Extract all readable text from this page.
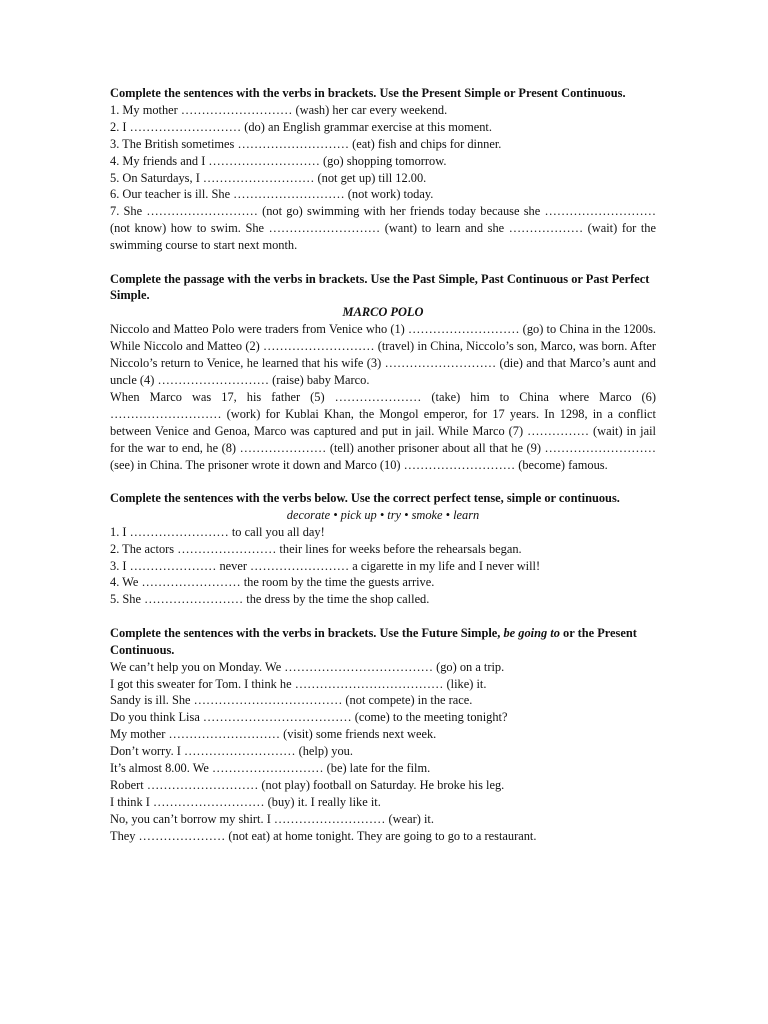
Complete the sentences with the verbs in brackets. Use the Present Simple or Present Continuous.
1. My mother ……………………… (wash) her car every weekend.
2. I ……………………… (do) an English grammar exercise at this moment.
3. The British sometimes ……………………… (eat) fish and chips for dinner.
4. My friends and I ……………………… (go) shopping tomorrow.
5. On Saturdays, I ……………………… (not get up) till 12.00.
6. Our teacher is ill. She ……………………… (not work) today.
7. She ……………………… (not go) swimming with her friends today because she ……………………… (not know) how to swim. She ……………………… (want) to learn and she ……………… (wait) for the swimming course to start next month.
Complete the passage with the verbs in brackets. Use the Past Simple, Past Continuous or Past Perfect Simple.
MARCO POLO
Niccolo and Matteo Polo were traders from Venice who (1) ……………………… (go) to China in the 1200s. While Niccolo and Matteo (2) ……………………… (travel) in China, Niccolo’s son, Marco, was born. After Niccolo’s return to Venice, he learned that his wife (3) ……………………… (die) and that Marco’s aunt and uncle (4) ……………………… (raise) baby Marco.
When Marco was 17, his father (5) ………………… (take) him to China where Marco (6) ……………………… (work) for Kublai Khan, the Mongol emperor, for 17 years. In 1298, in a conflict between Venice and Genoa, Marco was captured and put in jail. While Marco (7) …………… (wait) in jail for the war to end, he (8) ………………… (tell) another prisoner about all that he (9) ……………………… (see) in China. The prisoner wrote it down and Marco (10) ……………………… (become) famous.
Complete the sentences with the verbs below. Use the correct perfect tense, simple or continuous.
decorate • pick up • try • smoke • learn
1. I …………………… to call you all day!
2. The actors …………………… their lines for weeks before the rehearsals began.
3. I ………………… never …………………… a cigarette in my life and I never will!
4. We …………………… the room by the time the guests arrive.
5. She …………………… the dress by the time the shop called.
Complete the sentences with the verbs in brackets. Use the Future Simple, be going to or the Present Continuous.
We can’t help you on Monday. We ……………………………… (go) on a trip.
I got this sweater for Tom. I think he ……………………………… (like) it.
Sandy is ill. She ……………………………… (not compete) in the race.
Do you think Lisa ……………………………… (come) to the meeting tonight?
My mother ……………………… (visit) some friends next week.
Don’t worry. I ……………………… (help) you.
It’s almost 8.00. We ……………………… (be) late for the film.
Robert ……………………… (not play) football on Saturday. He broke his leg.
I think I ……………………… (buy) it. I really like it.
No, you can’t borrow my shirt. I ……………………… (wear) it.
They ………………… (not eat) at home tonight. They are going to go to a restaurant.
